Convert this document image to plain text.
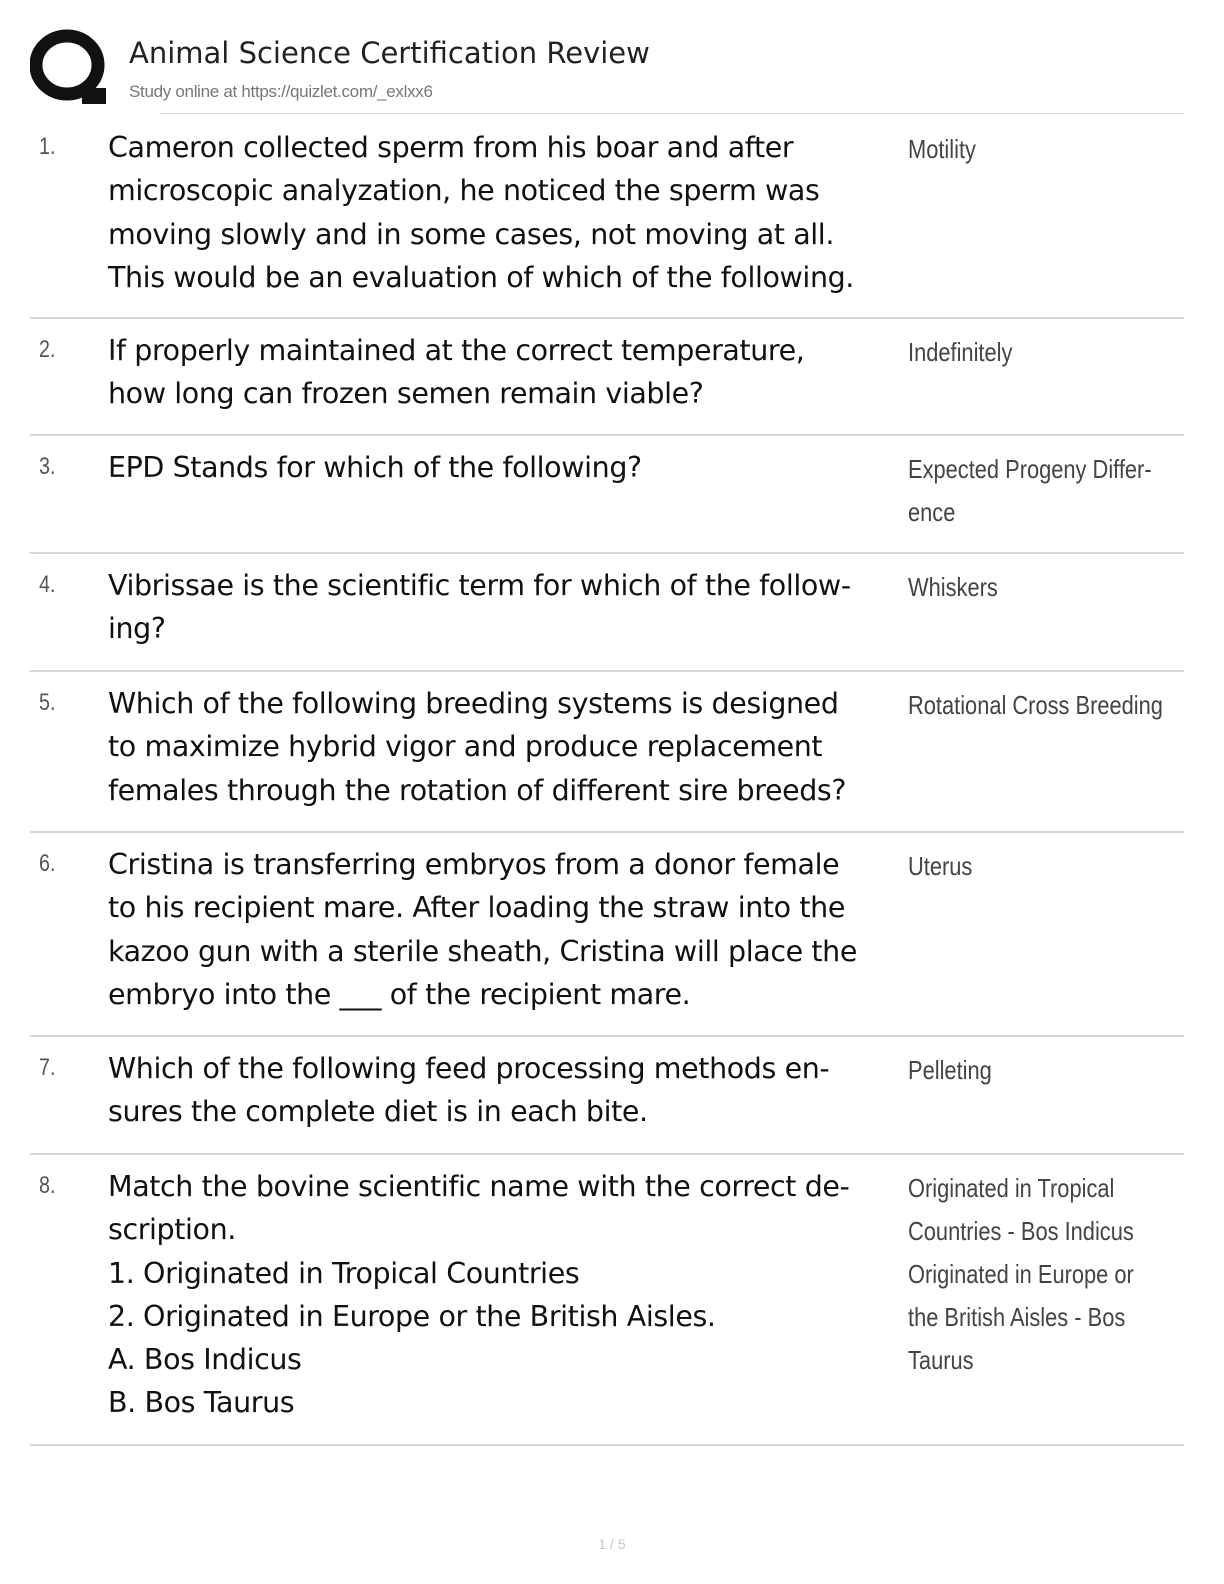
Animal Science Certification Review
Study online at https://quizlet.com/_exlxx6
1. Cameron collected sperm from his boar and after
microscopic analyzation, he noticed the sperm was
moving slowly and in some cases, not moving at all.
This would be an evaluation of which of the following.
Motility
2. If properly maintained at the correct temperature,
how long can frozen semen remain viable?
Indefinitely
3. EPD Stands for which of the following?	Expected Progeny Differ-
ence
4. Vibrissae is the scientific term for which of the follow-
ing?
Whiskers
5. Which of the following breeding systems is designed
to maximize hybrid vigor and produce replacement
females through the rotation of different sire breeds?
Rotational Cross Breeding
6. Cristina is transferring embryos from a donor female
to his recipient mare. After loading the straw into the
kazoo gun with a sterile sheath, Cristina will place the
embryo into the ___ of the recipient mare.
Uterus
7. Which of the following feed processing methods en-
sures the complete diet is in each bite.
Pelleting
8. Match the bovine scientific name with the correct de-
scription.
1. Originated in Tropical Countries
2. Originated in Europe or the British Aisles.
A. Bos Indicus
B. Bos Taurus
Originated in Tropical
Countries - Bos Indicus
Originated in Europe or
the British Aisles - Bos
Taurus
1 / 5
